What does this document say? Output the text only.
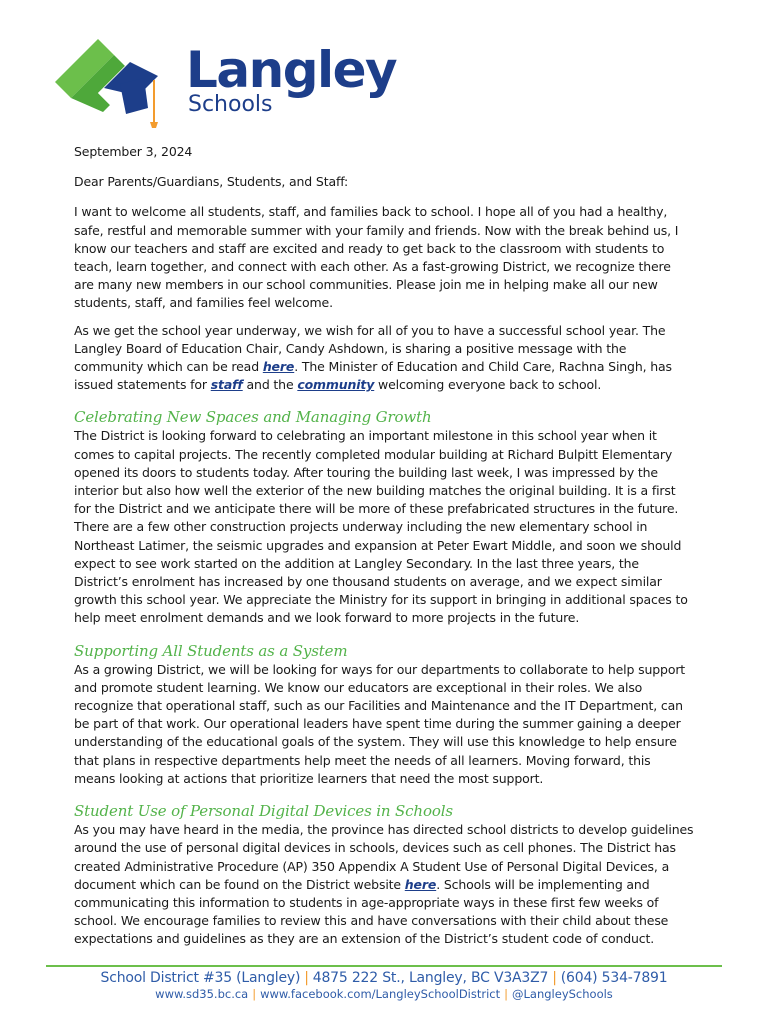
Langley
Schools

September 3, 2024

Dear Parents/Guardians, Students, and Staff:

I want to welcome all students, staff, and families back to school. I hope all of you had a healthy, safe, restful and memorable summer with your family and friends. Now with the break behind us, I know our teachers and staff are excited and ready to get back to the classroom with students to teach, learn together, and connect with each other. As a fast-growing District, we recognize there are many new members in our school communities. Please join me in helping make all our new students, staff, and families feel welcome.

As we get the school year underway, we wish for all of you to have a successful school year. The Langley Board of Education Chair, Candy Ashdown, is sharing a positive message with the community which can be read here. The Minister of Education and Child Care, Rachna Singh, has issued statements for staff and the community welcoming everyone back to school.

Celebrating New Spaces and Managing Growth

The District is looking forward to celebrating an important milestone in this school year when it comes to capital projects. The recently completed modular building at Richard Bulpitt Elementary opened its doors to students today. After touring the building last week, I was impressed by the interior but also how well the exterior of the new building matches the original building. It is a first for the District and we anticipate there will be more of these prefabricated structures in the future. There are a few other construction projects underway including the new elementary school in Northeast Latimer, the seismic upgrades and expansion at Peter Ewart Middle, and soon we should expect to see work started on the addition at Langley Secondary. In the last three years, the District’s enrolment has increased by one thousand students on average, and we expect similar growth this school year. We appreciate the Ministry for its support in bringing in additional spaces to help meet enrolment demands and we look forward to more projects in the future.

Supporting All Students as a System

As a growing District, we will be looking for ways for our departments to collaborate to help support and promote student learning. We know our educators are exceptional in their roles. We also recognize that operational staff, such as our Facilities and Maintenance and the IT Department, can be part of that work. Our operational leaders have spent time during the summer gaining a deeper understanding of the educational goals of the system. They will use this knowledge to help ensure that plans in respective departments help meet the needs of all learners. Moving forward, this means looking at actions that prioritize learners that need the most support.

Student Use of Personal Digital Devices in Schools

As you may have heard in the media, the province has directed school districts to develop guidelines around the use of personal digital devices in schools, devices such as cell phones. The District has created Administrative Procedure (AP) 350 Appendix A Student Use of Personal Digital Devices, a document which can be found on the District website here. Schools will be implementing and communicating this information to students in age-appropriate ways in these first few weeks of school. We encourage families to review this and have conversations with their child about these expectations and guidelines as they are an extension of the District’s student code of conduct.

School District #35 (Langley) | 4875 222 St., Langley, BC V3A3Z7 | (604) 534-7891
www.sd35.bc.ca | www.facebook.com/LangleySchoolDistrict | @LangleySchools
